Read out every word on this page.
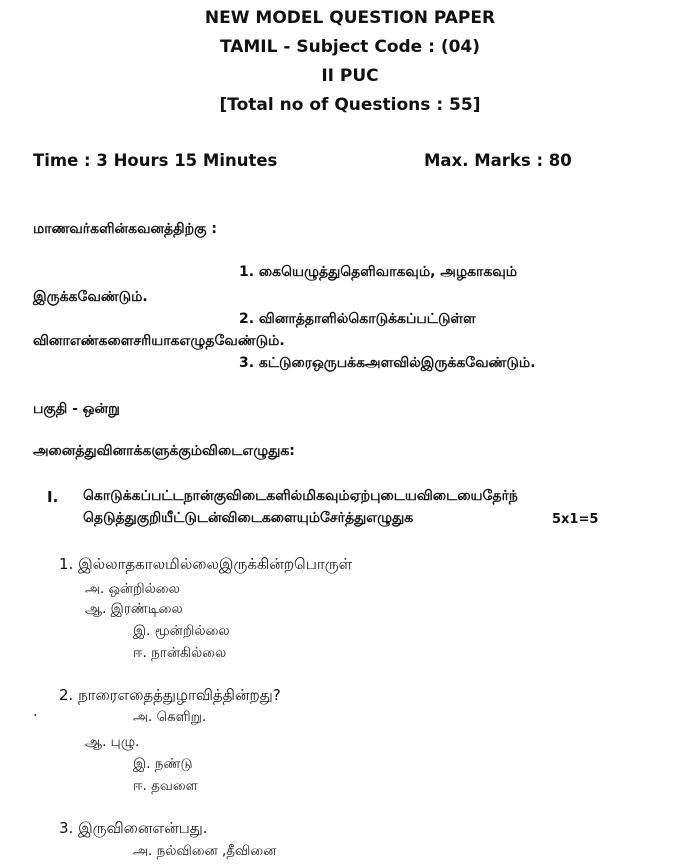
NEW MODEL QUESTION PAPER
TAMIL - Subject Code : (04)
II PUC
[Total no of Questions : 55]
Time : 3 Hours 15 Minutes	Max. Marks : 80
மாணவர்களின்கவனத்திற்கு :
1. கையெழுத்துதெளிவாகவும், அழகாகவும்
இருக்கவேண்டும்.
2. வினாத்தாளில்கொடுக்கப்பட்டுள்ள
வினாஎண்களைசரியாகஎழுதவேண்டும்.
3. கட்டுரைஒருபக்கஅளவில்இருக்கவேண்டும்.
பகுதி - ஒன்று
அனைத்துவினாக்களுக்கும்விடைஎழுதுக:
I. கொடுக்கப்பட்டநான்குவிடைகளில்மிகவும்ஏற்புடையவிடையைதேர்ந்
தெடுத்துகுறியீட்டுடன்விடைகளையும்சேர்த்துஎழுதுக	5x1=5
1. இல்லாதகாலமில்லைஇருக்கின்றபொருள்
அ. ஒன்றில்லை
ஆ. இரண்டிலை
இ. மூன்றில்லை
ஈ. நான்கில்லை
2. நாரைஎதைத்துழாவித்தின்றது?
.	அ. கெளிறு.
ஆ. புழு.
இ. நண்டு
ஈ. தவளை
3. இருவினைஎன்பது.
அ. நல்வினை ,தீவினை
